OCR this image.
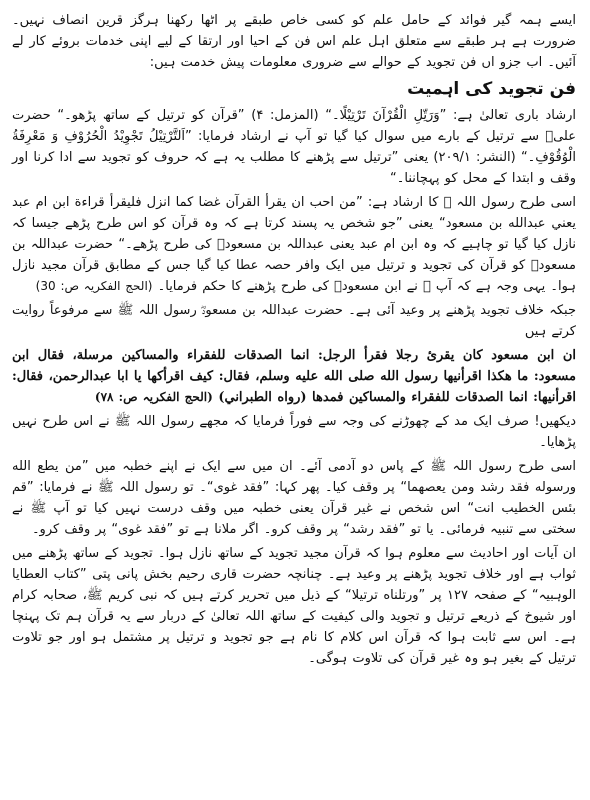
ایسے ہمہ گیر فوائد کے حامل علم کو کسی خاص طبقے پر اٹھا رکھنا ہرگز قرین انصاف نہیں۔ ضرورت ہے ہر طبقے سے متعلق اہل علم اس فن کے احیا اور ارتقا کے لیے اپنی خدمات بروئے کار لے آئیں۔ اب جزو اں فن تجوید کے حوالے سے ضروری معلومات پیش خدمت ہیں:

فن تجوید کی اہمیت

ارشاد باری تعالیٰ ہے: ”وَرَتِّلِ الْقُرْآنَ تَرْتِيْلًا۔“ (المزمل: ۴) ”قرآن کو ترتیل کے ساتھ پڑھو۔“ حضرت علیؓ سے ترتیل کے بارے میں سوال کیا گیا تو آپ نے ارشاد فرمایا: ”اَلتَّرْتِيْلُ تَجْوِيْدُ الْحُرُوْفِ وَ مَعْرِفَةُ الْوُقُوْفِ۔“ (النشر: ۲۰۹/۱) یعنی ”ترتیل سے پڑھنے کا مطلب یہ ہے کہ حروف کو تجوید سے ادا کرنا اور وقف و ابتدا کے محل کو پہچاننا۔“

اسی طرح رسول اللہ ﷺ کا ارشاد ہے: ”من احب ان يقرأ القرآن غضا كما انزل فليقرأ قراءة ابن ام عبد يعني عبدالله بن مسعود“ یعنی ”جو شخص یہ پسند کرتا ہے کہ وہ قرآن کو اس طرح پڑھے جیسا کہ نازل کیا گیا تو چاہیے کہ وہ ابن ام عبد یعنی عبداللہ بن مسعودؓ کی طرح پڑھے۔“ حضرت عبداللہ بن مسعودؓ کو قرآن کی تجوید و ترتیل میں ایک وافر حصہ عطا کیا گیا جس کے مطابق قرآن مجید نازل ہوا۔ یہی وجہ ہے کہ آپ ﷺ نے ابن مسعودؓ کی طرح پڑھنے کا حکم فرمایا۔ (الحج الفکریہ ص: 30)

جبکہ خلاف تجوید پڑھنے پر وعید آئی ہے۔ حضرت عبداللہ بن مسعودؓ رسول اللہ ﷺ سے مرفوعاً روایت کرتے ہیں

ان ابن مسعود كان يقرئ رجلا فقرأ الرجل: انما الصدقات للفقراء والمساكين مرسلة، فقال ابن مسعود: ما هكذا اقرأنيها رسول الله صلى الله عليه وسلم، فقال: كيف اقرأكها يا ابا عبدالرحمن، فقال: اقرأنيها: انما الصدقات للفقراء والمساكين فمدها (رواه الطبراني) (الحج الفکریہ ص: ۷۸)

دیکھیں! صرف ایک مد کے چھوڑنے کی وجہ سے فوراً فرمایا کہ مجھے رسول اللہ ﷺ نے اس طرح نہیں پڑھایا۔

اسی طرح رسول اللہ ﷺ کے پاس دو آدمی آئے۔ ان میں سے ایک نے اپنے خطبہ میں ”من يطع الله ورسوله فقد رشد ومن يعصهما“ پر وقف کیا۔ پھر کہا: ”فقد غوى“۔ تو رسول اللہ ﷺ نے فرمایا: ”قم بئس الخطيب انت“ اس شخص نے غیر قرآن یعنی خطبہ میں وقف درست نہیں کیا تو آپ ﷺ نے سختی سے تنبیہ فرمائی۔ یا تو ”فقد رشد“ پر وقف کرو۔ اگر ملانا ہے تو ”فقد غوى“ پر وقف کرو۔

ان آیات اور احادیث سے معلوم ہوا کہ قرآن مجید تجوید کے ساتھ نازل ہوا۔ تجوید کے ساتھ پڑھنے میں ثواب ہے اور خلاف تجوید پڑھنے پر وعید ہے۔ چنانچہ حضرت قاری رحیم بخش پانی پتی ”کتاب العطایا الوہبیہ“ کے صفحہ ۱۲۷ پر ”ورتلناه ترتيلا“ کے ذیل میں تحریر کرتے ہیں کہ نبی کریم ﷺ، صحابہ کرام اور شیوخ کے ذریعے ترتیل و تجوید والی کیفیت کے ساتھ اللہ تعالیٰ کے دربار سے یہ قرآن ہم تک پہنچا ہے۔ اس سے ثابت ہوا کہ قرآن اس کلام کا نام ہے جو تجوید و ترتیل پر مشتمل ہو اور جو تلاوت ترتیل کے بغیر ہو وہ غیر قرآن کی تلاوت ہوگی۔
